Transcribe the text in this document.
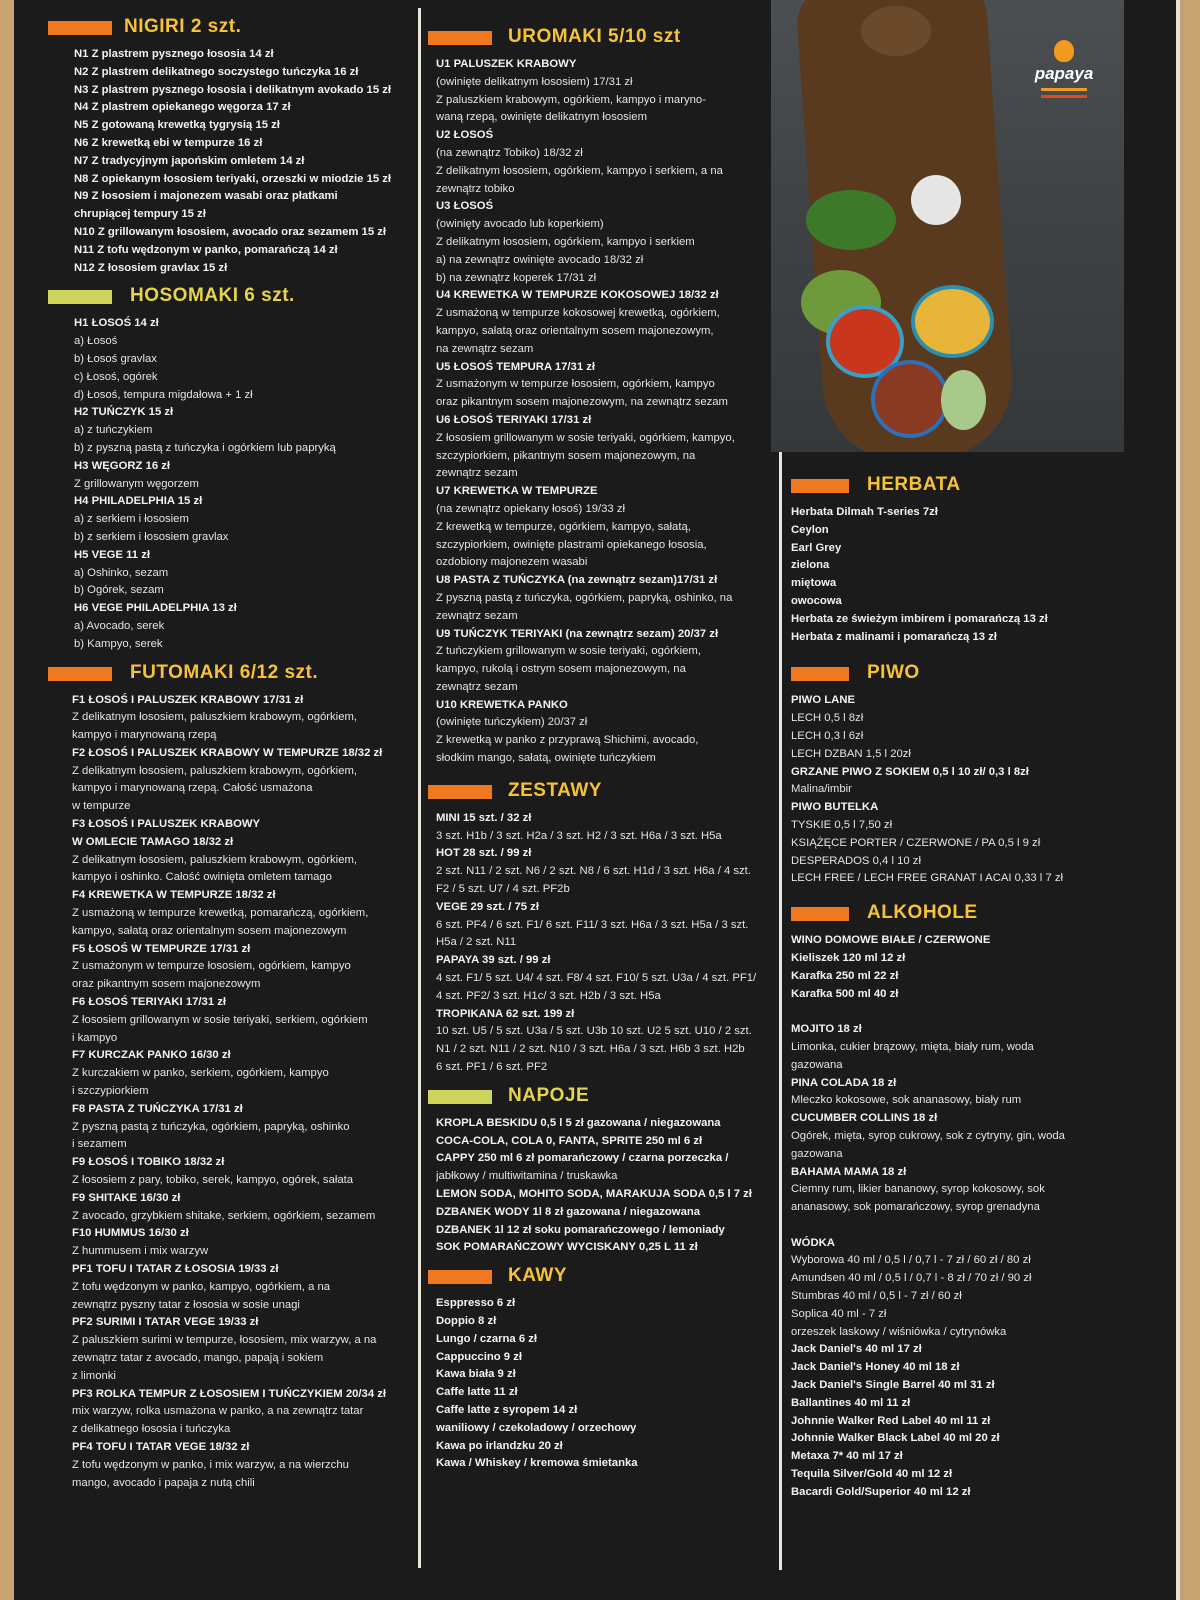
papaya
NIGIRI 2 szt.
N1 Z plastrem pysznego łososia 14 zł
N2 Z plastrem delikatnego soczystego tuńczyka 16 zł
N3 Z plastrem pysznego łososia i delikatnym avokado 15 zł
N4 Z plastrem opiekanego węgorza 17 zł
N5 Z gotowaną krewetką tygrysią 15 zł
N6 Z krewetką ebi w tempurze 16 zł
N7 Z tradycyjnym japońskim omletem 14 zł
N8 Z opiekanym łososiem teriyaki, orzeszki w miodzie 15 zł
N9 Z łososiem i majonezem wasabi oraz płatkami
chrupiącej tempury 15 zł
N10 Z grillowanym łososiem, avocado oraz sezamem 15 zł
N11 Z tofu wędzonym w panko, pomarańczą 14 zł
N12 Z łososiem gravlax 15 zł
HOSOMAKI 6 szt.
H1 ŁOSOŚ 14 zł
a) Łosoś
b) Łosoś gravlax
c) Łosoś, ogórek
d) Łosoś, tempura migdałowa + 1 zł
H2 TUŃCZYK 15 zł
a) z tuńczykiem
b) z pyszną pastą z tuńczyka i ogórkiem lub papryką
H3 WĘGORZ 16 zł
Z grillowanym węgorzem
H4 PHILADELPHIA 15 zł
a) z serkiem i łososiem
b) z serkiem i łososiem gravlax
H5 VEGE 11 zł
a) Oshinko, sezam
b) Ogórek, sezam
H6 VEGE PHILADELPHIA 13 zł
a) Avocado, serek
b) Kampyo, serek
FUTOMAKI 6/12 szt.
F1 ŁOSOŚ I PALUSZEK KRABOWY 17/31 zł
Z delikatnym łososiem, paluszkiem krabowym, ogórkiem,
kampyo i marynowaną rzepą
F2 ŁOSOŚ I PALUSZEK KRABOWY W TEMPURZE 18/32 zł
Z delikatnym łososiem, paluszkiem krabowym, ogórkiem,
kampyo i marynowaną rzepą. Całość usmażona
w tempurze
F3 ŁOSOŚ I PALUSZEK KRABOWY
W OMLECIE TAMAGO 18/32 zł
Z delikatnym łososiem, paluszkiem krabowym, ogórkiem,
kampyo i oshinko. Całość owinięta omletem tamago
F4 KREWETKA W TEMPURZE 18/32 zł
Z usmażoną w tempurze krewetką, pomarańczą, ogórkiem,
kampyo, sałatą oraz orientalnym sosem majonezowym
F5 ŁOSOŚ W TEMPURZE 17/31 zł
Z usmażonym w tempurze łososiem, ogórkiem, kampyo
oraz pikantnym sosem majonezowym
F6 ŁOSOŚ TERIYAKI 17/31 zł
Z łososiem grillowanym w sosie teriyaki, serkiem, ogórkiem
i kampyo
F7 KURCZAK PANKO 16/30 zł
Z kurczakiem w panko, serkiem, ogórkiem, kampyo
i szczypiorkiem
F8 PASTA Z TUŃCZYKA 17/31 zł
Z pyszną pastą z tuńczyka, ogórkiem, papryką, oshinko
i sezamem
F9 ŁOSOŚ I TOBIKO 18/32 zł
Z łososiem z pary, tobiko, serek, kampyo, ogórek, sałata
F9 SHITAKE 16/30 zł
Z avocado, grzybkiem shitake, serkiem, ogórkiem, sezamem
F10 HUMMUS 16/30 zł
Z hummusem i mix warzyw
PF1 TOFU I TATAR Z ŁOSOSIA 19/33 zł
Z tofu wędzonym w panko, kampyo, ogórkiem, a na
zewnątrz pyszny tatar z łososia w sosie unagi
PF2 SURIMI I TATAR VEGE 19/33 zł
Z paluszkiem surimi w tempurze, łososiem, mix warzyw, a na
zewnątrz tatar z avocado, mango, papają i sokiem
z limonki
PF3 ROLKA TEMPUR Z ŁOSOSIEM I TUŃCZYKIEM 20/34 zł
mix warzyw, rolka usmażona w panko, a na zewnątrz tatar
z delikatnego łososia i tuńczyka
PF4 TOFU I TATAR VEGE 18/32 zł
Z tofu wędzonym w panko, i mix warzyw, a na wierzchu
mango, avocado i papaja z nutą chili
UROMAKI 5/10 szt
U1 PALUSZEK KRABOWY
(owinięte delikatnym łososiem) 17/31 zł
Z paluszkiem krabowym, ogórkiem, kampyo i maryno-
waną rzepą, owinięte delikatnym łososiem
U2 ŁOSOŚ
(na zewnątrz Tobiko) 18/32 zł
Z delikatnym łososiem, ogórkiem, kampyo i serkiem, a na
zewnątrz tobiko
U3 ŁOSOŚ
(owinięty avocado lub koperkiem)
Z delikatnym łososiem, ogórkiem, kampyo i serkiem
a) na zewnątrz owinięte avocado 18/32 zł
b) na zewnątrz koperek 17/31 zł
U4 KREWETKA W TEMPURZE KOKOSOWEJ 18/32 zł
Z usmażoną w tempurze kokosowej krewetką, ogórkiem,
kampyo, sałatą oraz orientalnym sosem majonezowym,
na zewnątrz sezam
U5 ŁOSOŚ TEMPURA 17/31 zł
Z usmażonym w tempurze łososiem, ogórkiem, kampyo
oraz pikantnym sosem majonezowym, na zewnątrz sezam
U6 ŁOSOŚ TERIYAKI 17/31 zł
Z łososiem grillowanym w sosie teriyaki, ogórkiem, kampyo,
szczypiorkiem, pikantnym sosem majonezowym, na
zewnątrz sezam
U7 KREWETKA W TEMPURZE
(na zewnątrz opiekany łosoś) 19/33 zł
Z krewetką w tempurze, ogórkiem, kampyo, sałatą,
szczypiorkiem, owinięte plastrami opiekanego łososia,
ozdobiony majonezem wasabi
U8 PASTA Z TUŃCZYKA (na zewnątrz sezam)17/31 zł
Z pyszną pastą z tuńczyka, ogórkiem, papryką, oshinko, na
zewnątrz sezam
U9 TUŃCZYK TERIYAKI (na zewnątrz sezam) 20/37 zł
Z tuńczykiem grillowanym w sosie teriyaki, ogórkiem,
kampyo, rukolą i ostrym sosem majonezowym, na
zewnątrz sezam
U10 KREWETKA PANKO
(owinięte tuńczykiem) 20/37 zł
Z krewetką w panko z przyprawą Shichimi, avocado,
słodkim mango, sałatą, owinięte tuńczykiem
ZESTAWY
MINI 15 szt. / 32 zł
3 szt. H1b / 3 szt. H2a / 3 szt. H2 / 3 szt. H6a / 3 szt. H5a
HOT 28 szt. / 99 zł
2 szt. N11 / 2 szt. N6 / 2 szt. N8 / 6 szt. H1d / 3 szt. H6a / 4 szt.
F2 / 5 szt. U7 / 4 szt. PF2b
VEGE 29 szt. / 75 zł
6 szt. PF4 / 6 szt. F1/ 6 szt. F11/ 3 szt. H6a / 3 szt. H5a / 3 szt.
H5a / 2 szt. N11
PAPAYA 39 szt. / 99 zł
4 szt. F1/ 5 szt. U4/ 4 szt. F8/ 4 szt. F10/ 5 szt. U3a / 4 szt. PF1/
4 szt. PF2/ 3 szt. H1c/ 3 szt. H2b / 3 szt. H5a
TROPIKANA 62 szt. 199 zł
10 szt. U5 / 5 szt. U3a / 5 szt. U3b 10 szt. U2 5 szt. U10 / 2 szt.
N1 / 2 szt. N11 / 2 szt. N10 / 3 szt. H6a / 3 szt. H6b 3 szt. H2b
6 szt. PF1 / 6 szt. PF2
NAPOJE
KROPLA BESKIDU 0,5 l 5 zł gazowana / niegazowana
COCA-COLA, COLA 0, FANTA, SPRITE 250 ml 6 zł
CAPPY 250 ml 6 zł pomarańczowy / czarna porzeczka /
jabłkowy / multiwitamina / truskawka
LEMON SODA, MOHITO SODA, MARAKUJA SODA 0,5 l 7 zł
DZBANEK WODY 1l 8 zł gazowana / niegazowana
DZBANEK 1l 12 zł soku pomarańczowego / lemoniady
SOK POMARAŃCZOWY WYCISKANY 0,25 L 11 zł
KAWY
Esppresso 6 zł
Doppio 8 zł
Lungo / czarna 6 zł
Cappuccino 9 zł
Kawa biała 9 zł
Caffe latte 11 zł
Caffe latte z syropem 14 zł
waniliowy / czekoladowy / orzechowy
Kawa po irlandzku 20 zł
Kawa / Whiskey / kremowa śmietanka
HERBATA
Herbata Dilmah T-series 7zł
Ceylon
Earl Grey
zielona
miętowa
owocowa
Herbata ze świeżym imbirem i pomarańczą 13 zł
Herbata z malinami i pomarańczą 13 zł
PIWO
PIWO LANE
LECH 0,5 l 8zł
LECH 0,3 l 6zł
LECH DZBAN 1,5 l 20zł
GRZANE PIWO Z SOKIEM 0,5 l 10 zł/ 0,3 l 8zł
Malina/imbir
PIWO BUTELKA
TYSKIE 0,5 l 7,50 zł
KSIĄŻĘCE PORTER / CZERWONE / PA 0,5 l 9 zł
DESPERADOS 0,4 l 10 zł
LECH FREE / LECH FREE GRANAT I ACAI 0,33 l 7 zł
ALKOHOLE
WINO DOMOWE BIAŁE / CZERWONE
Kieliszek 120 ml 12 zł
Karafka 250 ml 22 zł
Karafka 500 ml 40 zł

MOJITO 18 zł
Limonka, cukier brązowy, mięta, biały rum, woda
gazowana
PINA COLADA 18 zł
Mleczko kokosowe, sok ananasowy, biały rum
CUCUMBER COLLINS 18 zł
Ogórek, mięta, syrop cukrowy, sok z cytryny, gin, woda
gazowana
BAHAMA MAMA 18 zł
Ciemny rum, likier bananowy, syrop kokosowy, sok
ananasowy, sok pomarańczowy, syrop grenadyna

WÓDKA
Wyborowa 40 ml / 0,5 l / 0,7 l - 7 zł / 60 zł / 80 zł
Amundsen 40 ml / 0,5 l / 0,7 l - 8 zł / 70 zł / 90 zł
Stumbras 40 ml / 0,5 l - 7 zł / 60 zł
Soplica 40 ml - 7 zł
orzeszek laskowy / wiśniówka / cytrynówka
Jack Daniel's 40 ml 17 zł
Jack Daniel's Honey 40 ml 18 zł
Jack Daniel's Single Barrel 40 ml 31 zł
Ballantines 40 ml 11 zł
Johnnie Walker Red Label 40 ml 11 zł
Johnnie Walker Black Label 40 ml 20 zł
Metaxa 7* 40 ml 17 zł
Tequila Silver/Gold 40 ml 12 zł
Bacardi Gold/Superior 40 ml 12 zł
